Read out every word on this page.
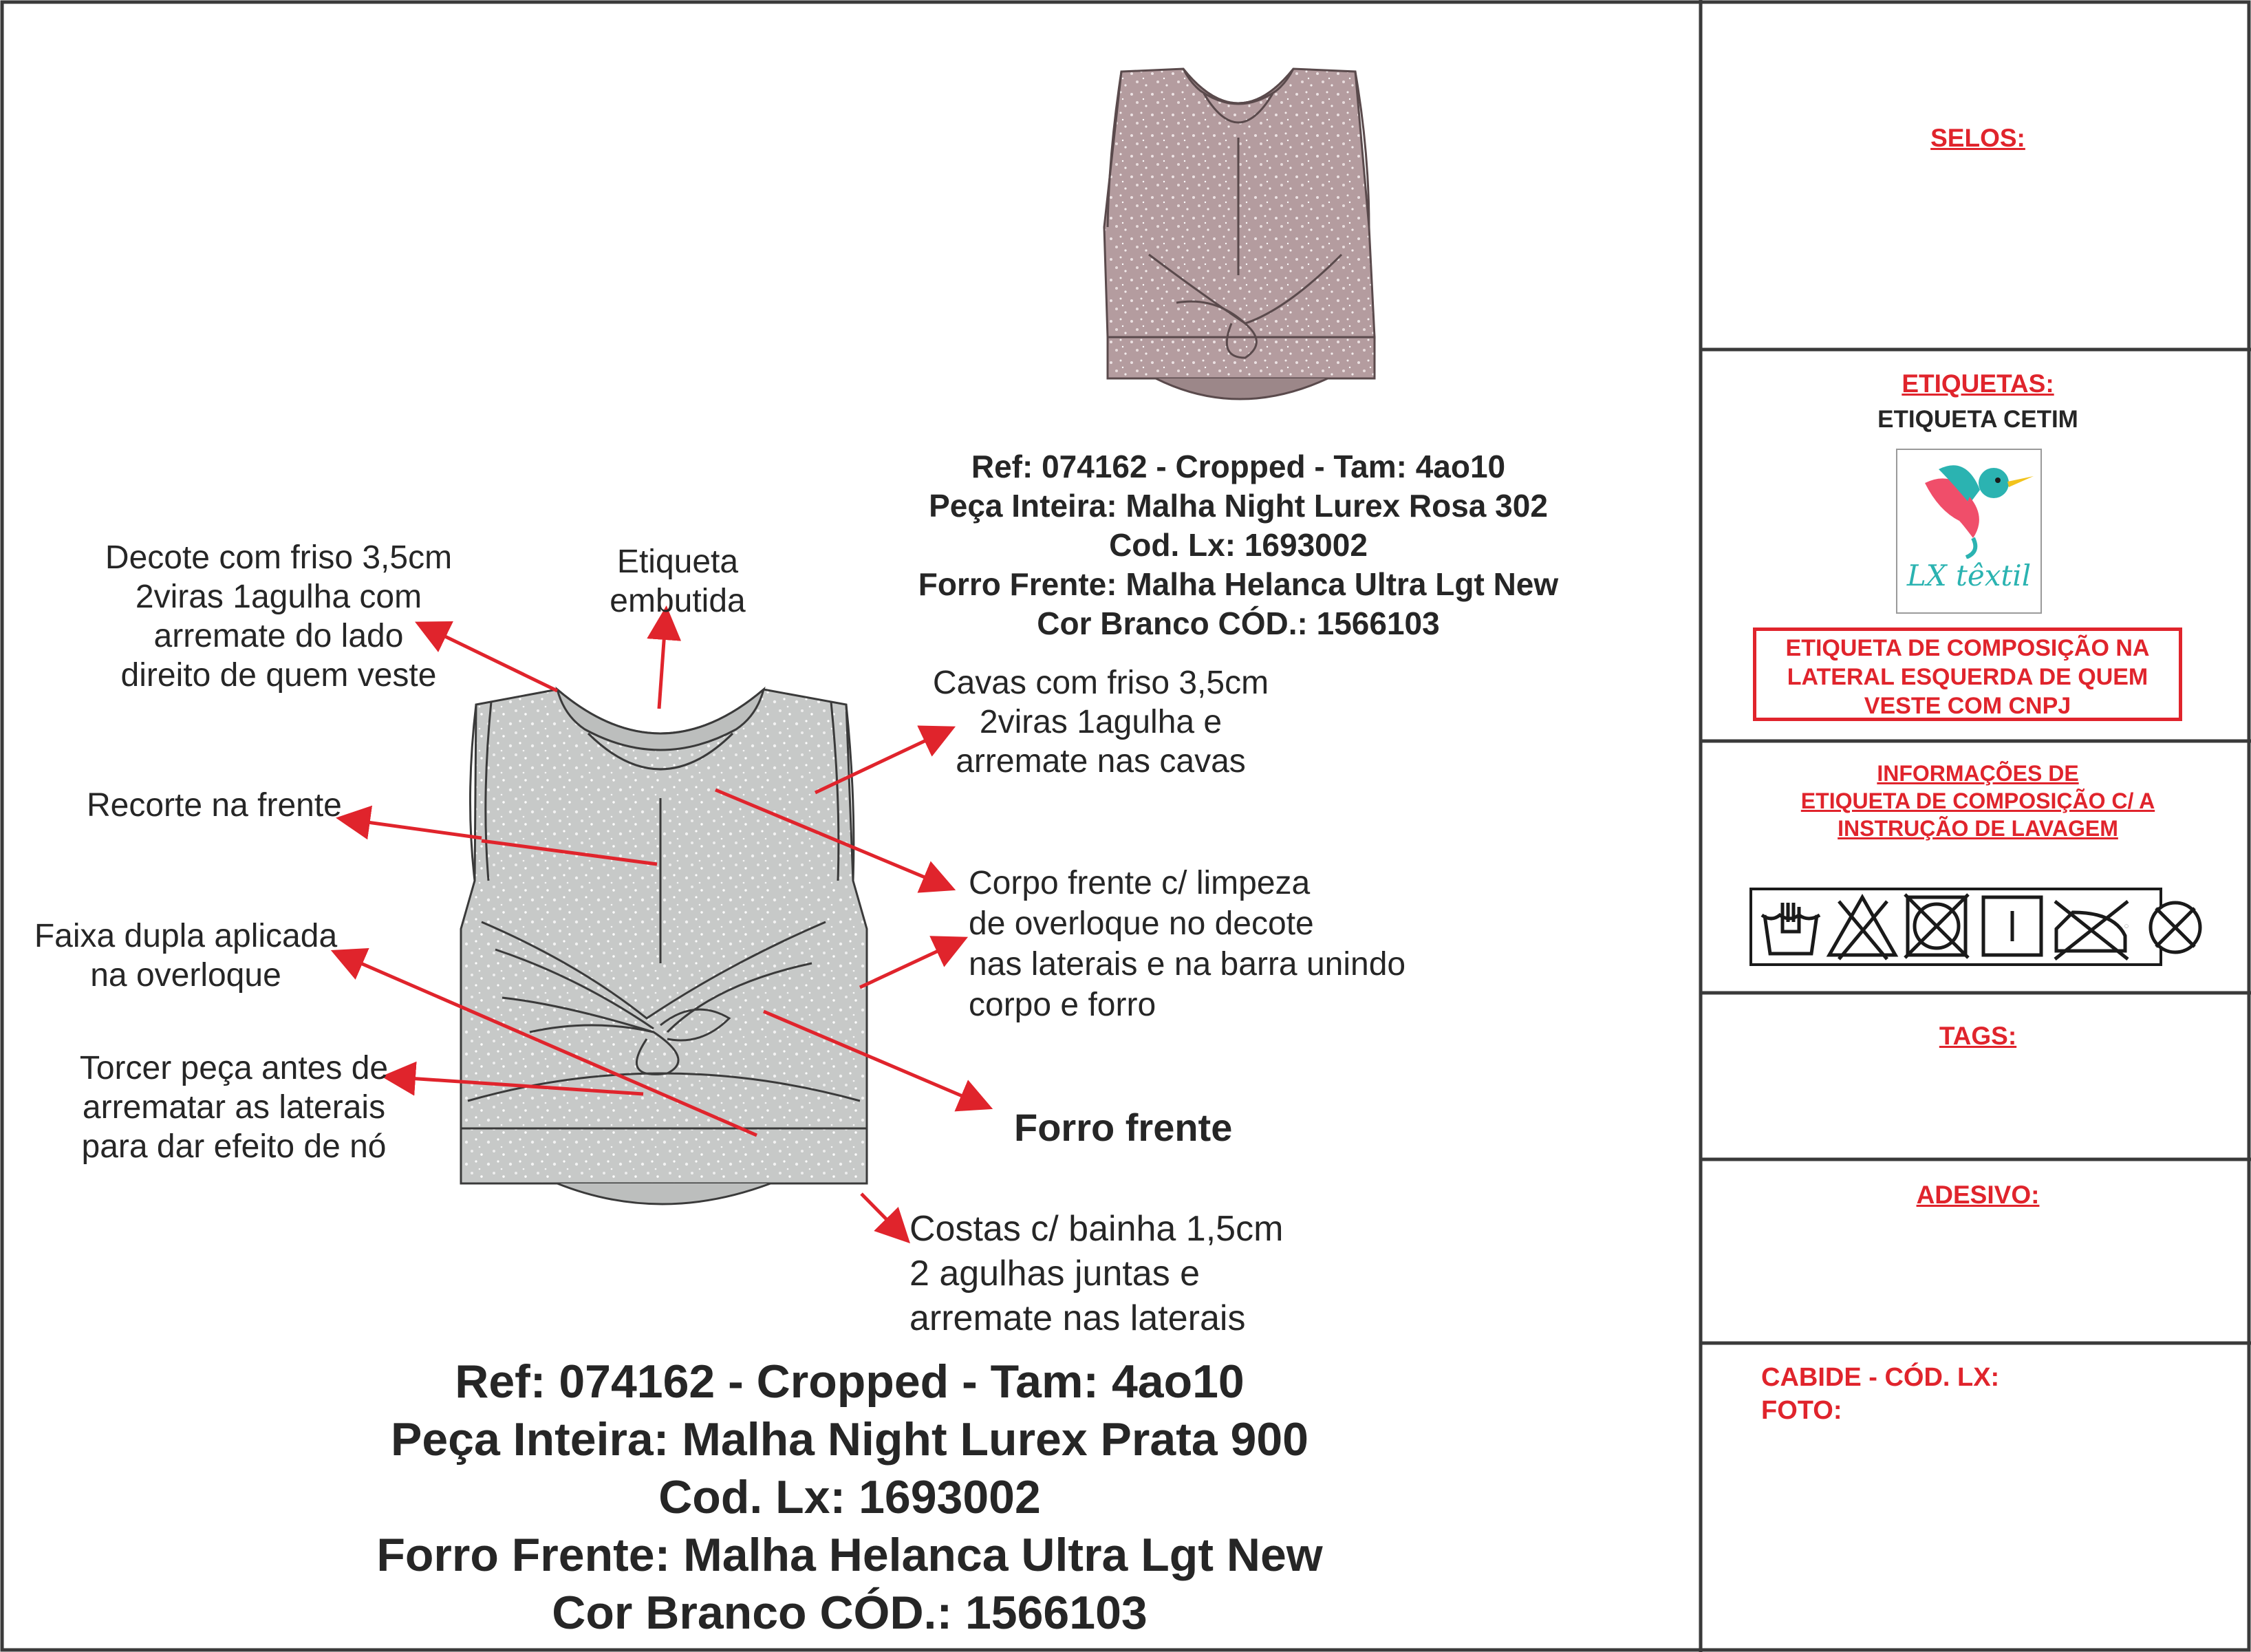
Ref: 074162 - Cropped - Tam: 4ao10
Peça Inteira: Malha Night Lurex Rosa 302
Cod. Lx: 1693002
Forro Frente: Malha Helanca Ultra Lgt New
Cor Branco CÓD.: 1566103
Decote com friso 3,5cm
2viras 1agulha com
arremate do lado
direito de quem veste
Etiqueta
embutida
Cavas com friso 3,5cm
2viras 1agulha e
arremate nas cavas
Recorte na frente
Corpo frente c/ limpeza
de overloque no decote
nas laterais e na barra unindo
corpo e forro
Faixa dupla aplicada
na overloque
Torcer peça antes de
arrematar as laterais
para dar efeito de nó	Forro frente
Costas c/ bainha 1,5cm
2 agulhas juntas e
arremate nas laterais
Ref: 074162 - Cropped - Tam: 4ao10
Peça Inteira: Malha Night Lurex Prata 900
Cod. Lx: 1693002
Forro Frente: Malha Helanca Ultra Lgt New
Cor Branco CÓD.: 1566103
SELOS:
ETIQUETAS:
ETIQUETA CETIM
LX têxtil
ETIQUETA DE COMPOSIÇÃO NA
LATERAL ESQUERDA DE QUEM
VESTE COM CNPJ
INFORMAÇÕES DE
ETIQUETA DE COMPOSIÇÃO C/ A
INSTRUÇÃO DE LAVAGEM
TAGS:
ADESIVO:
CABIDE - CÓD. LX:
FOTO:
